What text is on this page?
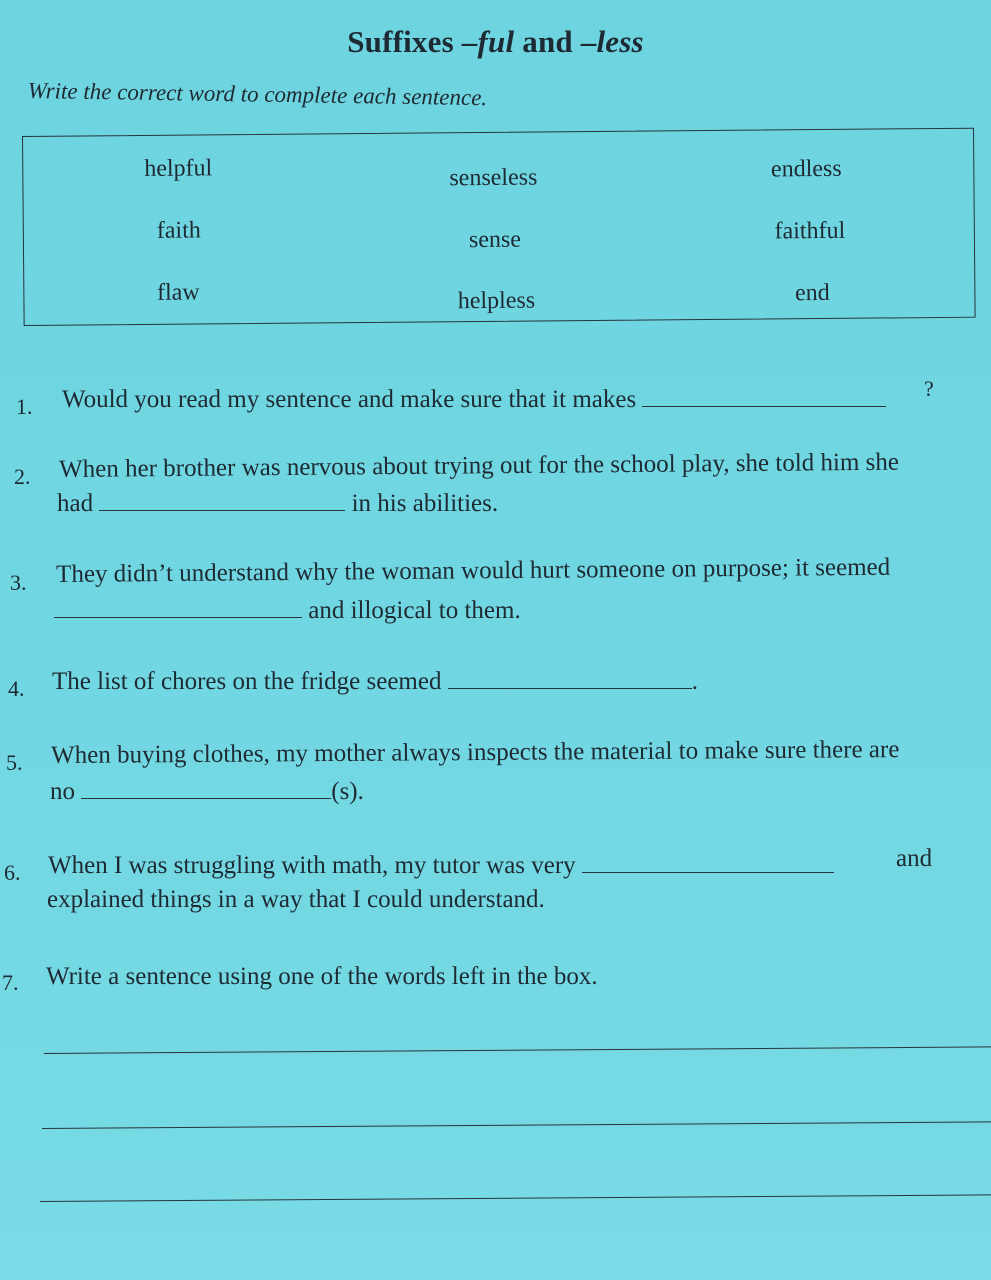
Suffixes –ful and –less
Write the correct word to complete each sentence.
helpful	senseless	endless
faith	sense	faithful
flaw	helpless	end
1. Would you read my sentence and make sure that it makes	?
2. When her brother was nervous about trying out for the school play, she told him she
had	in his abilities.
3. They didn’t understand why the woman would hurt someone on purpose; it seemed
and illogical to them.
4. The list of chores on the fridge seemed	.
5. When buying clothes, my mother always inspects the material to make sure there are
no	(s).
6. When I was struggling with math, my tutor was very	and
explained things in a way that I could understand.
7. Write a sentence using one of the words left in the box.
